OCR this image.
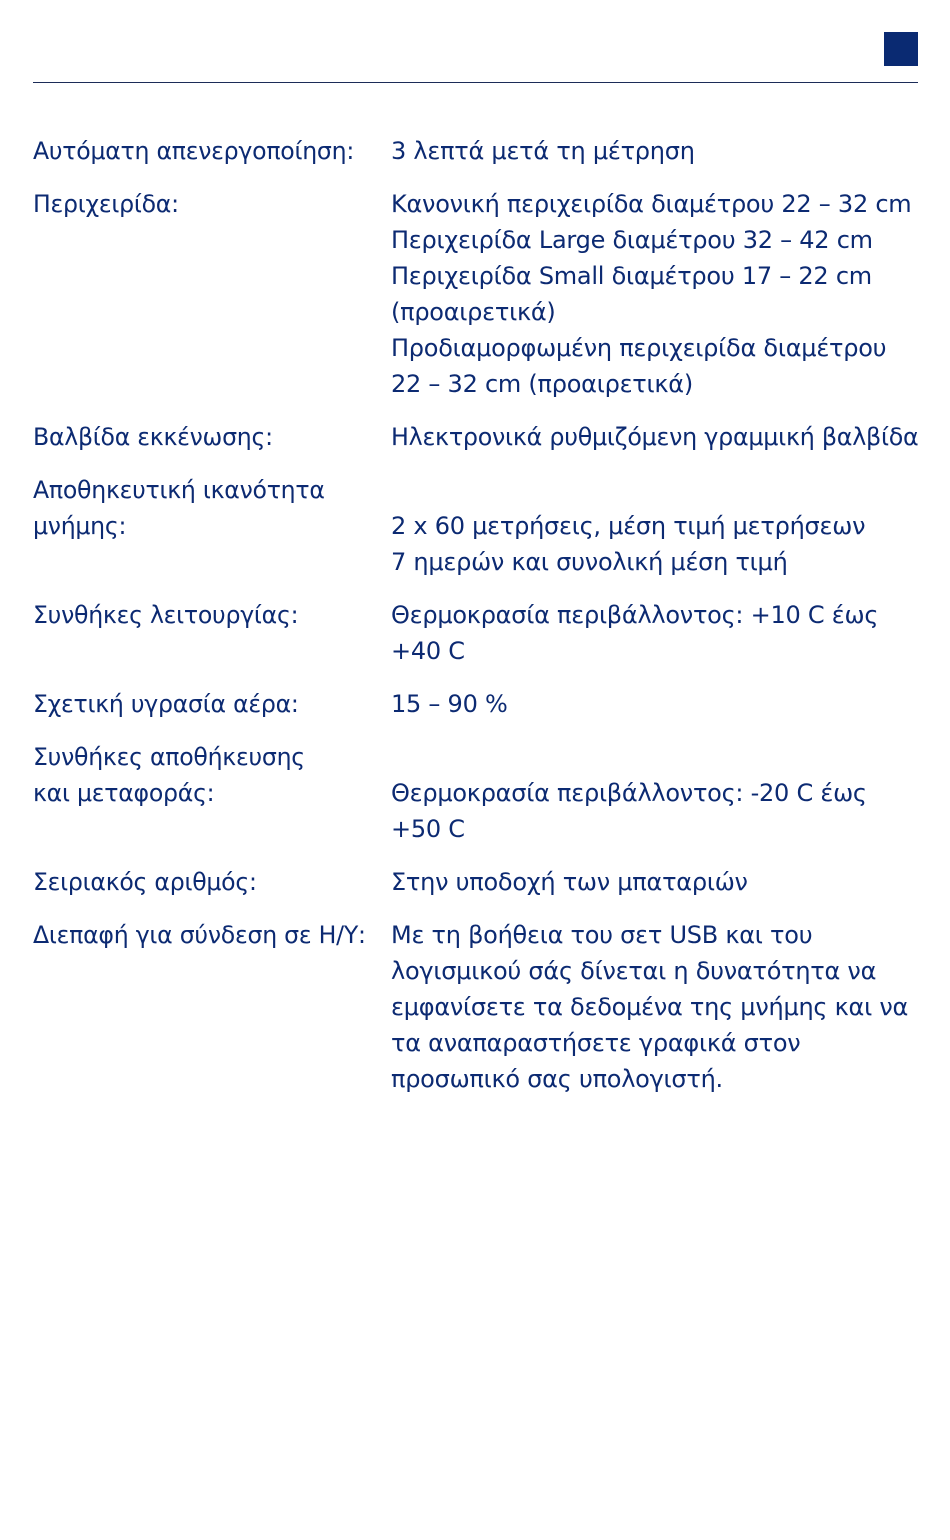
Αυτόματη απενεργοποίηση:	3 λεπτά μετά τη μέτρηση
Περιχειρίδα:	Κανονική περιχειρίδα διαμέτρου 22 – 32 cm
Περιχειρίδα Large διαμέτρου 32 – 42 cm
Περιχειρίδα Small διαμέτρου 17 – 22 cm
(προαιρετικά)
Προδιαμορφωμένη περιχειρίδα διαμέτρου
22 – 32 cm (προαιρετικά)
Βαλβίδα εκκένωσης:	Ηλεκτρονικά ρυθμιζόμενη γραμμική βαλβίδα
Αποθηκευτική ικανότητα
μνήμης:	2 x 60 μετρήσεις, μέση τιμή μετρήσεων
7 ημερών και συνολική μέση τιμή
Συνθήκες λειτουργίας:	Θερμοκρασία περιβάλλοντος: +10 C έως
+40 C
Σχετική υγρασία αέρα:	15 – 90 %
Συνθήκες αποθήκευσης
και μεταφοράς:	Θερμοκρασία περιβάλλοντος: -20 C έως
+50 C
Σειριακός αριθμός:	Στην υποδοχή των μπαταριών
Διεπαφή για σύνδεση σε Η/Υ:	Με τη βοήθεια του σετ USB και του
λογισμικού σάς δίνεται η δυνατότητα να
εμφανίσετε τα δεδομένα της μνήμης και να
τα αναπαραστήσετε γραφικά στον
προσωπικό σας υπολογιστή.
